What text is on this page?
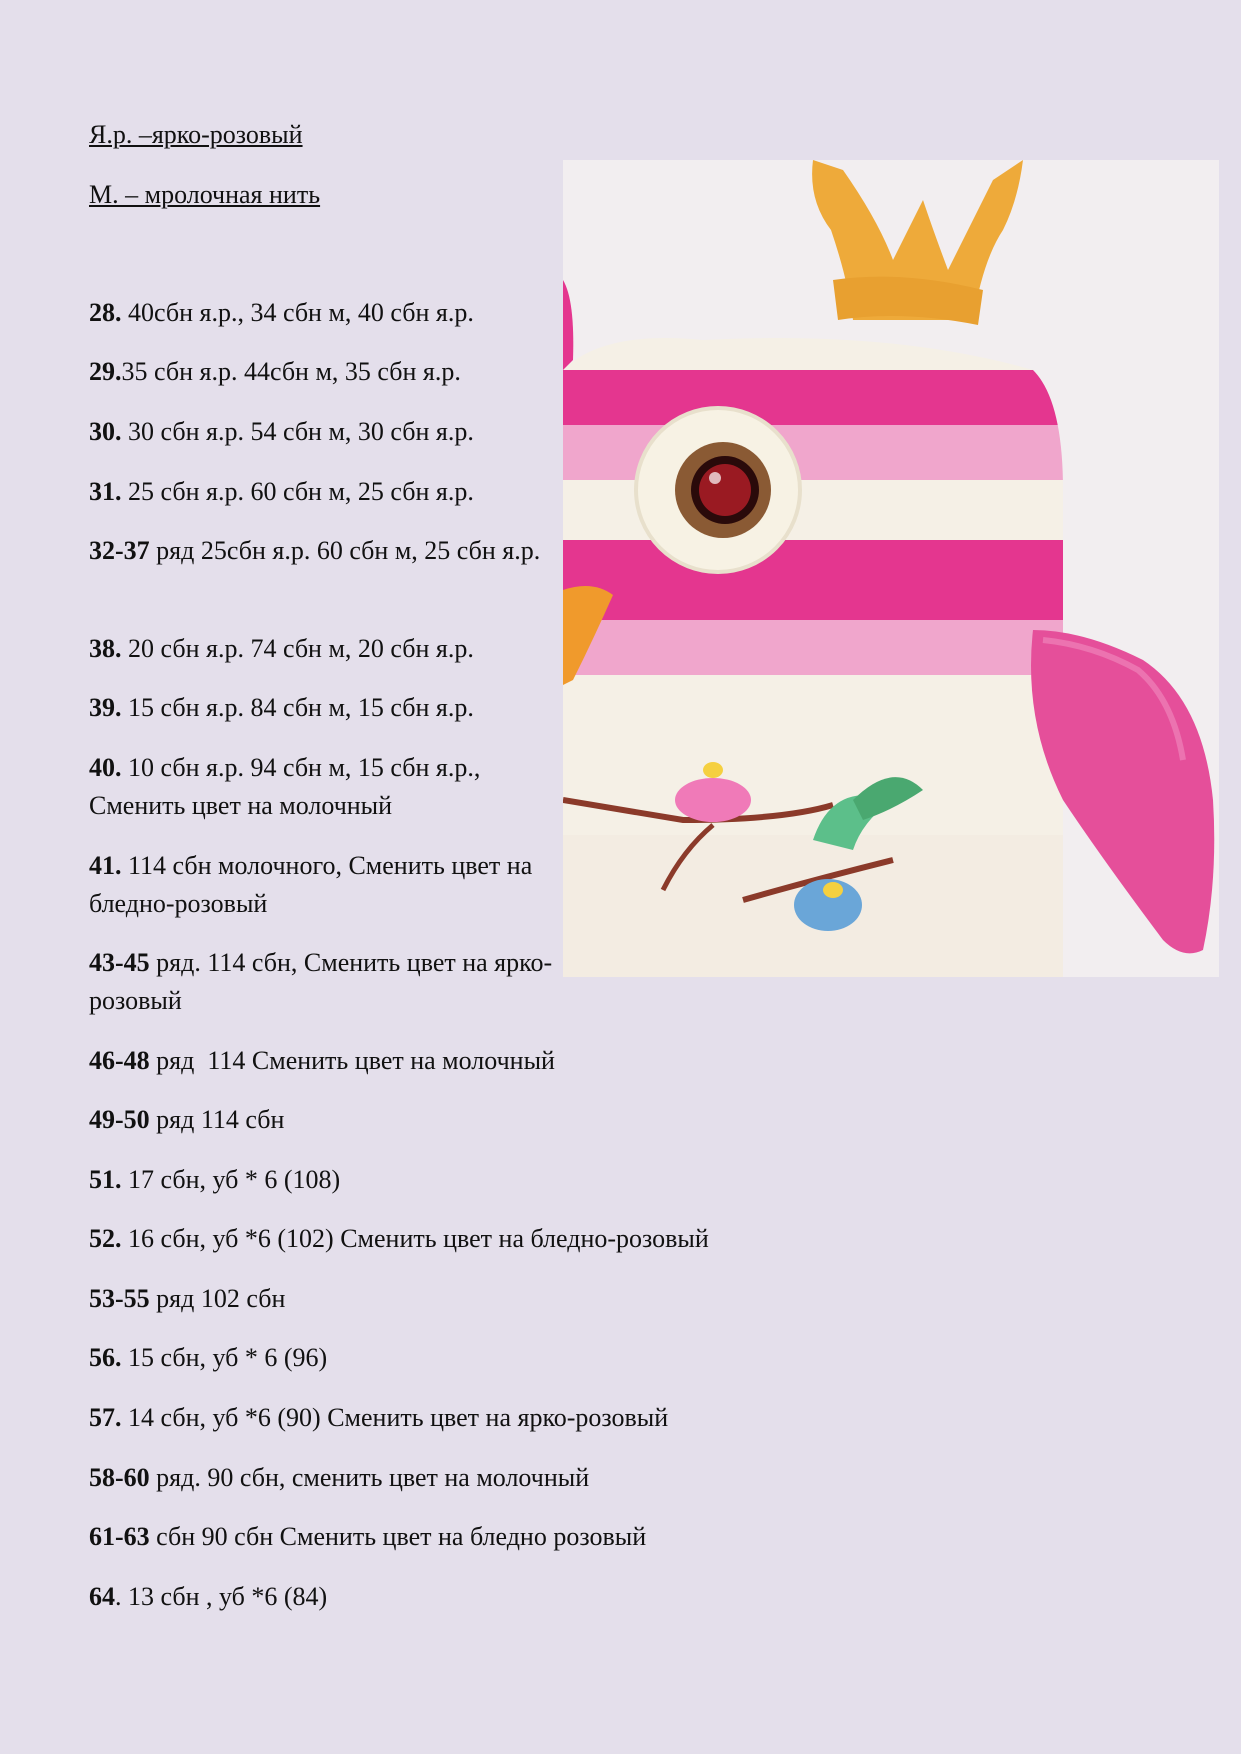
Я.р. –ярко-розовый
М. – мролочная нить
28. 40сбн я.р., 34 сбн м, 40 сбн я.р.
29.35 сбн я.р. 44сбн м, 35 сбн я.р.
30. 30 сбн я.р. 54 сбн м, 30 сбн я.р.
31. 25 сбн я.р. 60 сбн м, 25 сбн я.р.
32-37 ряд 25сбн я.р. 60 сбн м, 25 сбн я.р.
38. 20 сбн я.р. 74 сбн м, 20 сбн я.р.
39. 15 сбн я.р. 84 сбн м, 15 сбн я.р.
40. 10 сбн я.р. 94 сбн м, 15 сбн я.р., Сменить цвет на молочный
41. 114 сбн молочного, Сменить цвет на бледно-розовый
43-45 ряд. 114 сбн, Сменить цвет на ярко-розовый
46-48 ряд  114 Сменить цвет на молочный
49-50 ряд 114 сбн
51. 17 сбн, уб * 6 (108)
52. 16 сбн, уб *6 (102) Сменить цвет на бледно-розовый
53-55 ряд 102 сбн
56. 15 сбн, уб * 6 (96)
57. 14 сбн, уб *6 (90) Сменить цвет на ярко-розовый
58-60 ряд. 90 сбн, сменить цвет на молочный
61-63 сбн 90 сбн Сменить цвет на бледно розовый
64. 13 сбн , уб *6 (84)
